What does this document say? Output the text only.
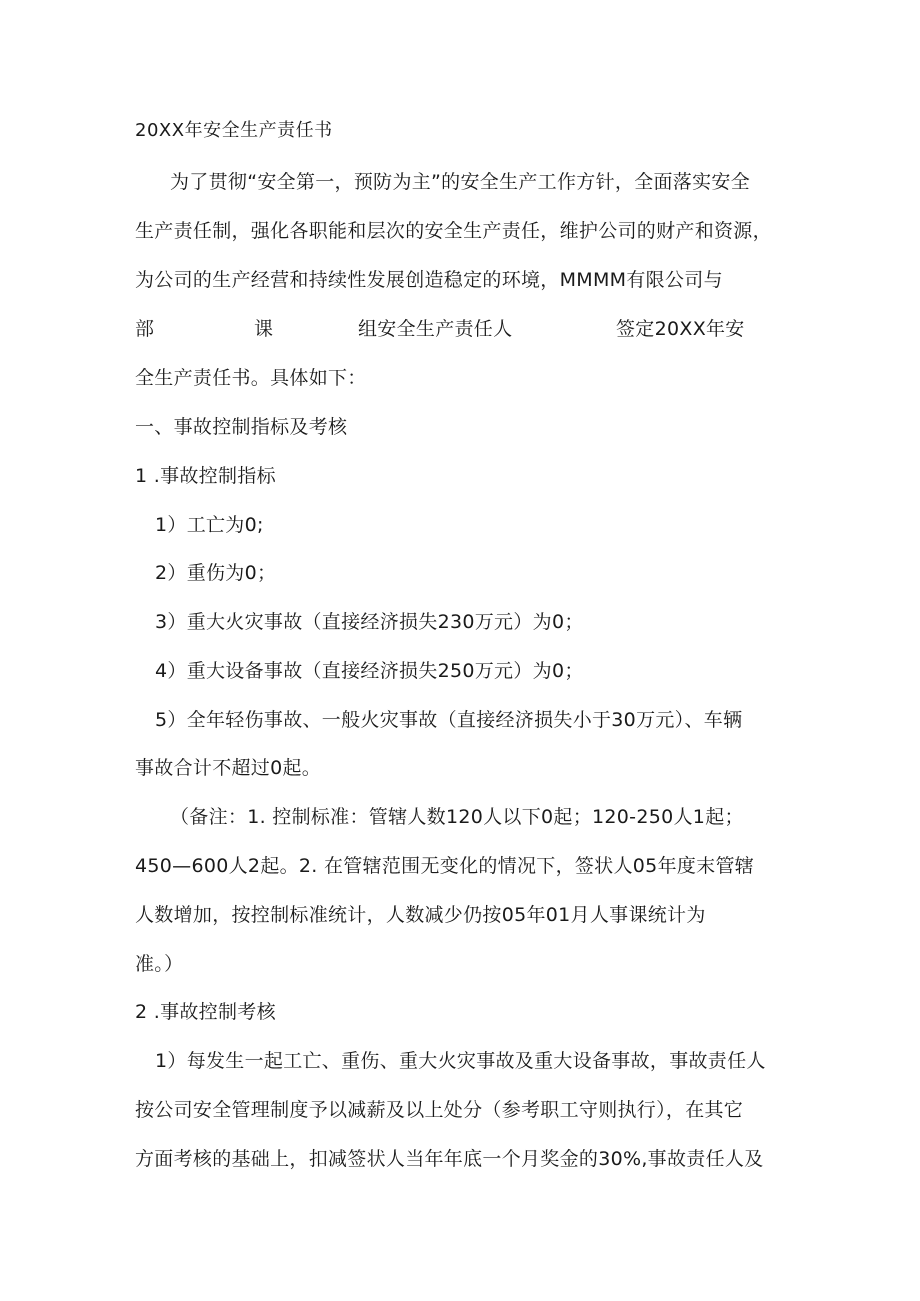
20XX年安全生产责任书
为了贯彻“安全第一，预防为主”的安全生产工作方针，全面落实安全
生产责任制，强化各职能和层次的安全生产责任，维护公司的财产和资源，
为公司的生产经营和持续性发展创造稳定的环境，MMMM有限公司与
部	课	组安全生产责任人	签定20XX年安
全生产责任书。具体如下：
一、事故控制指标及考核
1 .事故控制指标
1）工亡为0;
2）重伤为0；
3）重大火灾事故（直接经济损失230万元）为0；
4）重大设备事故（直接经济损失250万元）为0；
5）全年轻伤事故、一般火灾事故（直接经济损失小于30万元）、车辆
事故合计不超过0起。
（备注：1. 控制标准：管辖人数120人以下0起；120-250人1起；
450—600人2起。2. 在管辖范围无变化的情况下，签状人05年度末管辖
人数增加，按控制标准统计，人数减少仍按05年01月人事课统计为
准。）
2 .事故控制考核
1）每发生一起工亡、重伤、重大火灾事故及重大设备事故，事故责任人
按公司安全管理制度予以减薪及以上处分（参考职工守则执行），在其它
方面考核的基础上，扣减签状人当年年底一个月奖金的30%,事故责任人及
